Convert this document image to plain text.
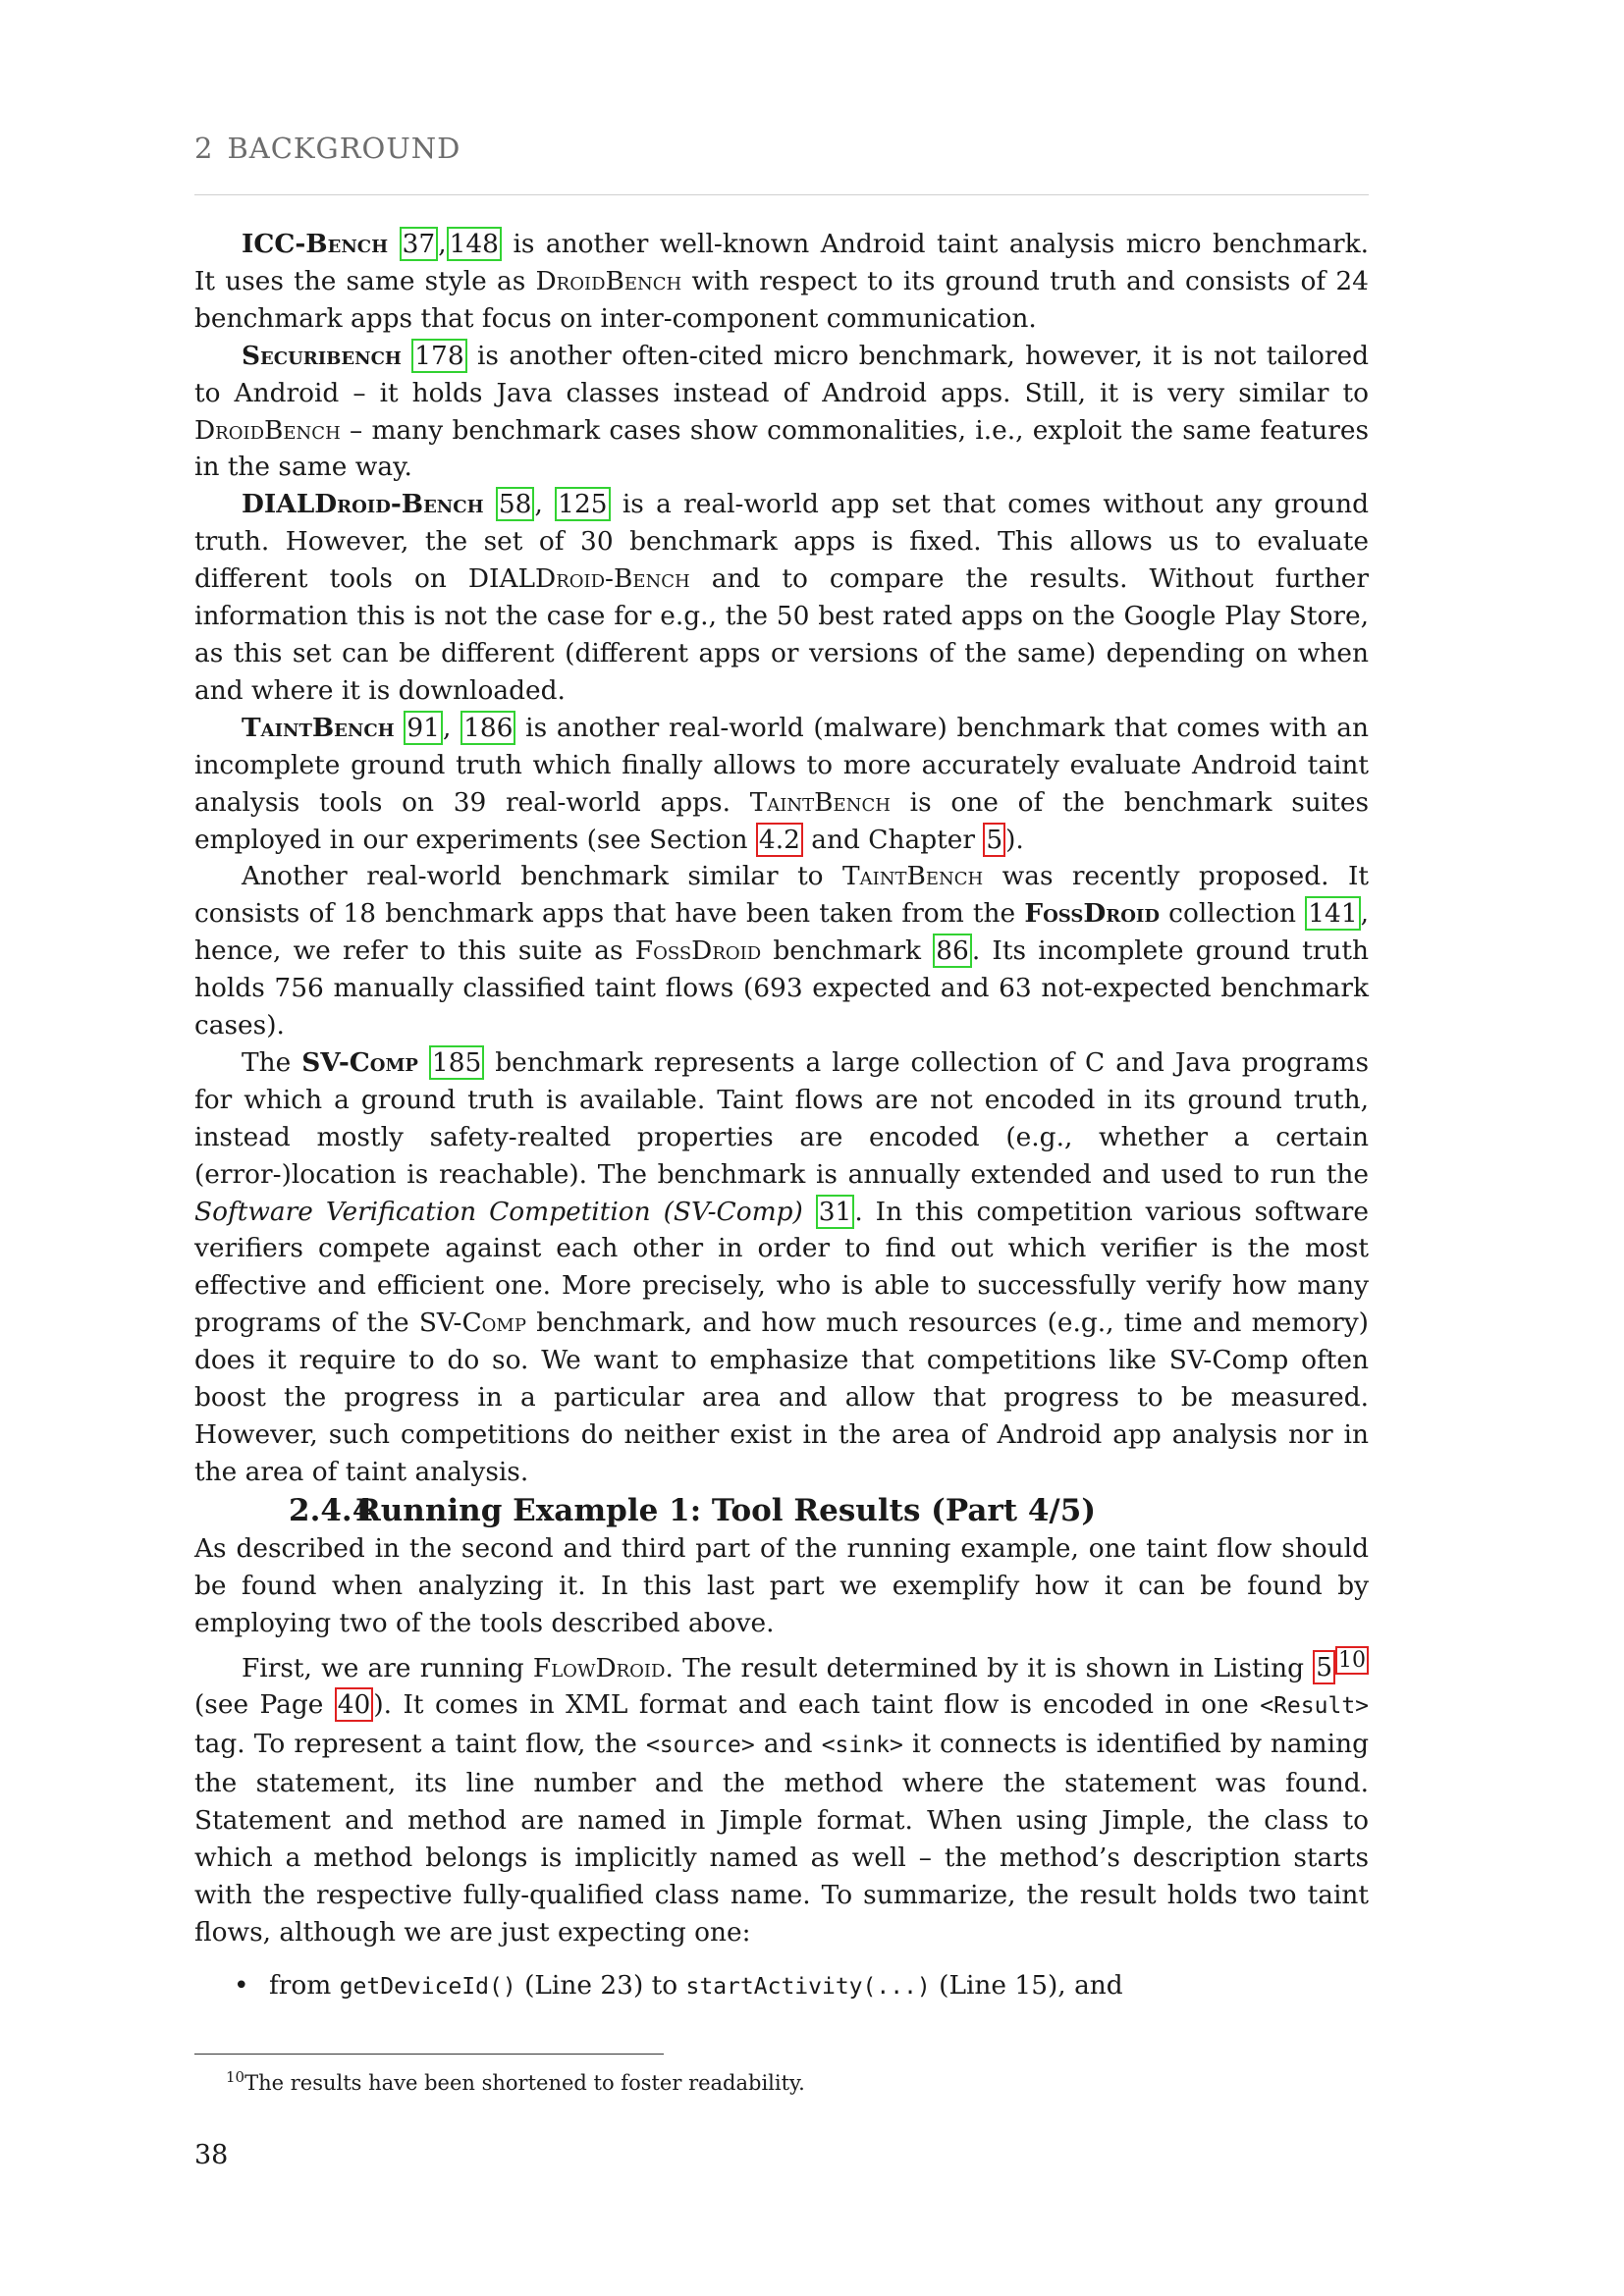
2 BACKGROUND

ICC-Bench 37 , 148 is another well-known Android taint analysis micro benchmark. It uses the same style as DroidBench with respect to its ground truth and consists of 24 benchmark apps that focus on inter-component communication.

Securibench 178 is another often-cited micro benchmark, however, it is not tailored to Android – it holds Java classes instead of Android apps. Still, it is very similar to DroidBench – many benchmark cases show commonalities, i.e., exploit the same features in the same way.

DIALDroid-Bench 58 , 125 is a real-world app set that comes without any ground truth. However, the set of 30 benchmark apps is fixed. This allows us to evaluate different tools on DIALDroid-Bench and to compare the results. Without further information this is not the case for e.g., the 50 best rated apps on the Google Play Store, as this set can be different (different apps or versions of the same) depending on when and where it is downloaded.

TaintBench 91 , 186 is another real-world (malware) benchmark that comes with an incomplete ground truth which finally allows to more accurately evaluate Android taint analysis tools on 39 real-world apps. TaintBench is one of the benchmark suites employed in our experiments (see Section 4.2 and Chapter 5 ).

Another real-world benchmark similar to TaintBench was recently proposed. It consists of 18 benchmark apps that have been taken from the FossDroid collection 141 , hence, we refer to this suite as FossDroid benchmark 86 . Its incomplete ground truth holds 756 manually classified taint flows (693 expected and 63 not-expected benchmark cases).

The SV-Comp 185 benchmark represents a large collection of C and Java programs for which a ground truth is available. Taint flows are not encoded in its ground truth, instead mostly safety-realted properties are encoded (e.g., whether a certain (error-)location is reachable). The benchmark is annually extended and used to run the Software Verification Competition (SV-Comp) 31 . In this competition various software verifiers compete against each other in order to find out which verifier is the most effective and efficient one. More precisely, who is able to successfully verify how many programs of the SV-Comp benchmark, and how much resources (e.g., time and memory) does it require to do so. We want to emphasize that competitions like SV-Comp often boost the progress in a particular area and allow that progress to be measured. However, such competitions do neither exist in the area of Android app analysis nor in the area of taint analysis.

2.4.4Running Example 1: Tool Results (Part 4/5)

As described in the second and third part of the running example, one taint flow should be found when analyzing it. In this last part we exemplify how it can be found by employing two of the tools described above.

First, we are running FlowDroid. The result determined by it is shown in Listing 5 $^{10}$ (see Page 40 ). It comes in XML format and each taint flow is encoded in one <Result> tag. To represent a taint flow, the <source> and <sink> it connects is identified by naming the statement, its line number and the method where the statement was found. Statement and method are named in Jimple format. When using Jimple, the class to which a method belongs is implicitly named as well – the method’s description starts with the respective fully-qualified class name. To summarize, the result holds two taint flows, although we are just expecting one:

• from getDeviceId() (Line 23) to startActivity(...) (Line 15), and
$^{10}$The results have been shortened to foster readability.
38
